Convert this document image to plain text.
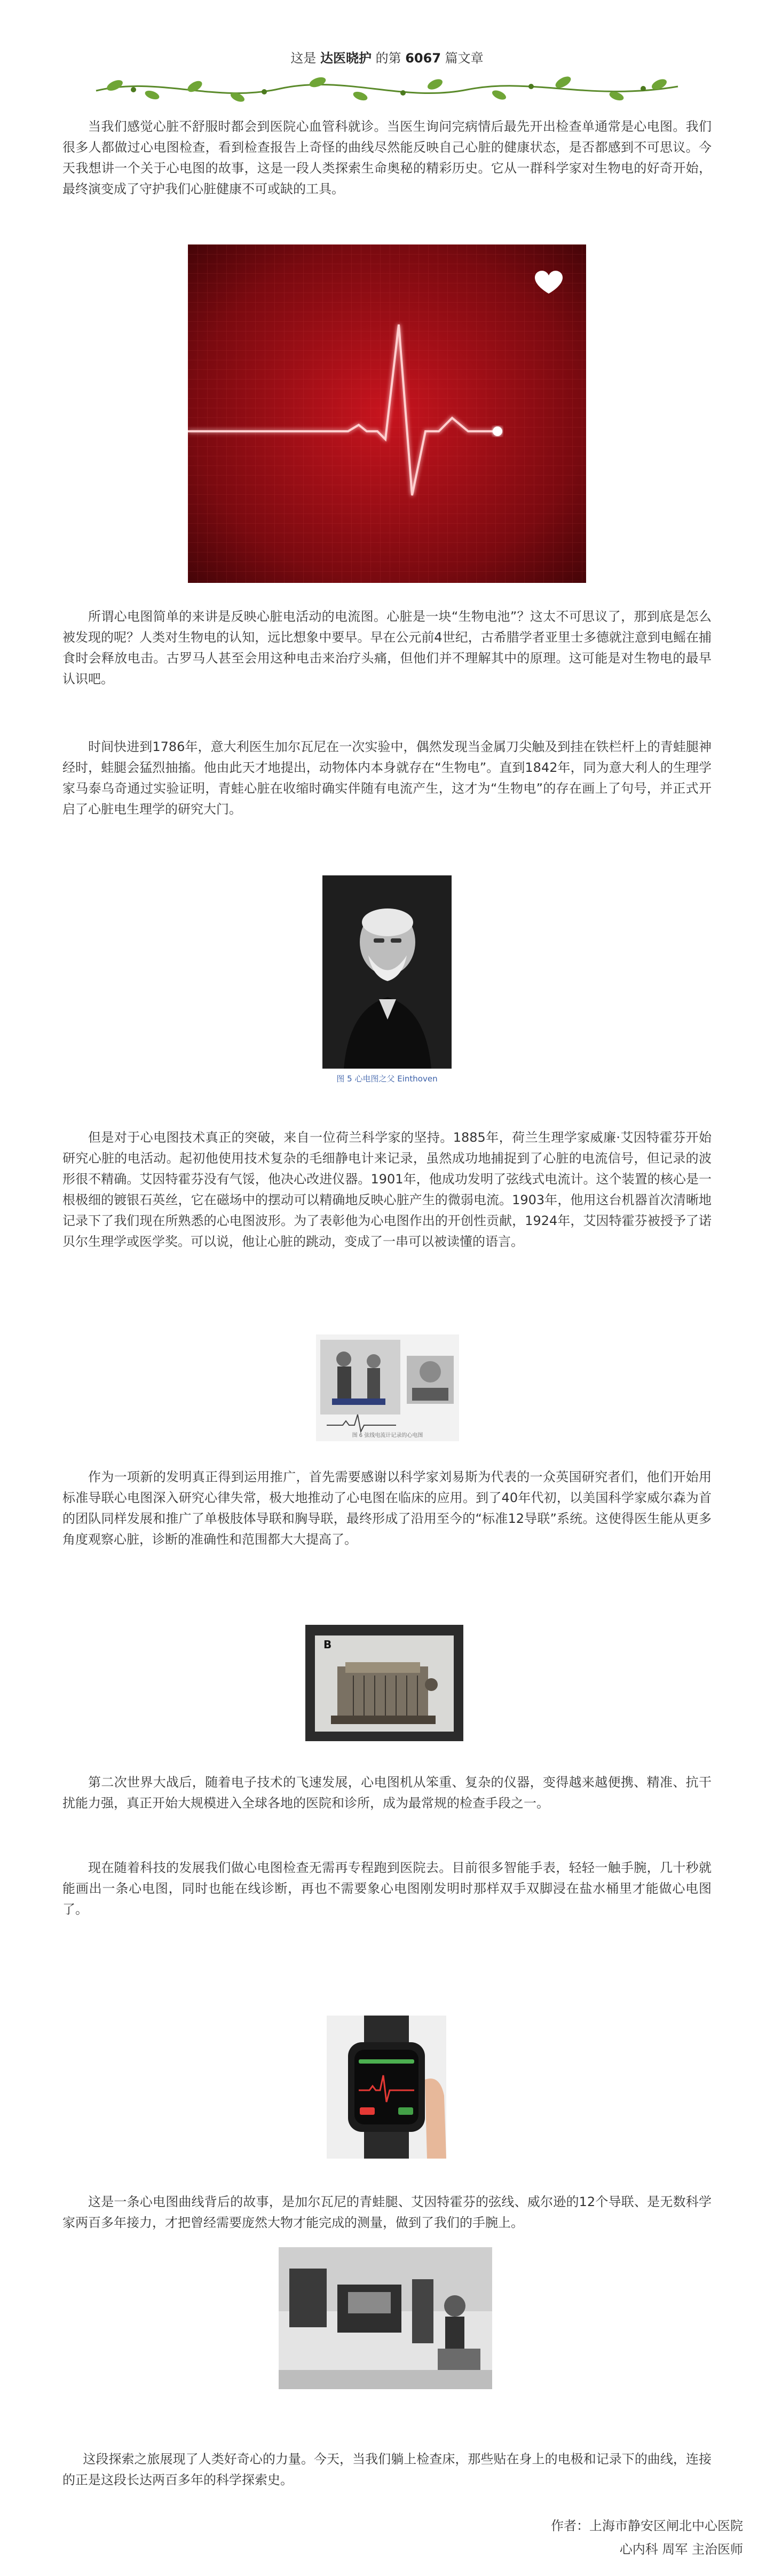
这是 达医晓护 的第 6067 篇文章

当我们感觉心脏不舒服时都会到医院心血管科就诊。当医生询问完病情后最先开出检查单通常是心电图。我们很多人都做过心电图检查，看到检查报告上奇怪的曲线尽然能反映自己心脏的健康状态，是否都感到不可思议。今天我想讲一个关于心电图的故事，这是一段人类探索生命奥秘的精彩历史。它从一群科学家对生物电的好奇开始，最终演变成了守护我们心脏健康不可或缺的工具。

所谓心电图简单的来讲是反映心脏电活动的电流图。心脏是一块“生物电池”？这太不可思议了，那到底是怎么被发现的呢？人类对生物电的认知，远比想象中要早。早在公元前4世纪，古希腊学者亚里士多德就注意到电鳐在捕食时会释放电击。古罗马人甚至会用这种电击来治疗头痛，但他们并不理解其中的原理。这可能是对生物电的最早认识吧。

时间快进到1786年，意大利医生加尔瓦尼在一次实验中，偶然发现当金属刀尖触及到挂在铁栏杆上的青蛙腿神经时，蛙腿会猛烈抽搐。他由此天才地提出，动物体内本身就存在“生物电”。直到1842年，同为意大利人的生理学家马泰乌奇通过实验证明，青蛙心脏在收缩时确实伴随有电流产生，这才为“生物电”的存在画上了句号，并正式开启了心脏电生理学的研究大门。

图 5 心电图之父 Einthoven

但是对于心电图技术真正的突破，来自一位荷兰科学家的坚持。1885年，荷兰生理学家威廉·艾因特霍芬开始研究心脏的电活动。起初他使用技术复杂的毛细静电计来记录，虽然成功地捕捉到了心脏的电流信号，但记录的波形很不精确。艾因特霍芬没有气馁，他决心改进仪器。1901年，他成功发明了弦线式电流计。这个装置的核心是一根极细的镀银石英丝，它在磁场中的摆动可以精确地反映心脏产生的微弱电流。1903年，他用这台机器首次清晰地记录下了我们现在所熟悉的心电图波形。为了表彰他为心电图作出的开创性贡献，1924年，艾因特霍芬被授予了诺贝尔生理学或医学奖。可以说，他让心脏的跳动，变成了一串可以被读懂的语言。

图 6 弦线电流计记录的心电图

作为一项新的发明真正得到运用推广，首先需要感谢以科学家刘易斯为代表的一众英国研究者们，他们开始用标准导联心电图深入研究心律失常，极大地推动了心电图在临床的应用。到了40年代初，以美国科学家威尔森为首的团队同样发展和推广了单极肢体导联和胸导联，最终形成了沿用至今的“标准12导联”系统。这使得医生能从更多角度观察心脏，诊断的准确性和范围都大大提高了。

B

第二次世界大战后，随着电子技术的飞速发展，心电图机从笨重、复杂的仪器，变得越来越便携、精准、抗干扰能力强，真正开始大规模进入全球各地的医院和诊所，成为最常规的检查手段之一。

现在随着科技的发展我们做心电图检查无需再专程跑到医院去。目前很多智能手表，轻轻一触手腕，几十秒就能画出一条心电图，同时也能在线诊断，再也不需要象心电图刚发明时那样双手双脚浸在盐水桶里才能做心电图了。

这是一条心电图曲线背后的故事，是加尔瓦尼的青蛙腿、艾因特霍芬的弦线、威尔逊的12个导联、是无数科学家两百多年接力，才把曾经需要庞然大物才能完成的测量，做到了我们的手腕上。

这段探索之旅展现了人类好奇心的力量。今天，当我们躺上检查床，那些贴在身上的电极和记录下的曲线，连接的正是这段长达两百多年的科学探索史。

作者：上海市静安区闸北中心医院
心内科 周军 主治医师
